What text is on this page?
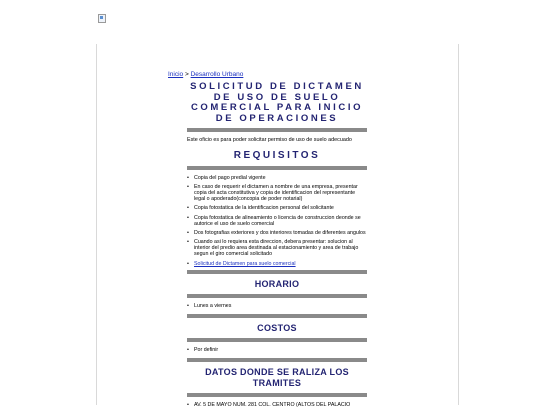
Inicio > Desarrollo Urbano
SOLICITUD DE DICTAMEN DE USO DE SUELO COMERCIAL PARA INICIO DE OPERACIONES
Este oficio es para poder solicitar permiso de uso de suelo adecuado
REQUISITOS
• Copia del pago predial vigente
• En caso de requerir el dictamen a nombre de una empresa, presentar copia del acta constitutiva y copia de identificacion del representante legal o apoderado(concopia de poder notarial)
• Copia fotostatica de la identificacion personal del solicitante
• Copia fotostatica de alineamiento o licencia de construccion deonde se autorice el uso de suelo comercial
• Dos fotografias exteriores y dos interiores tomadas de diferentes angulos
• Cuando asi lo requiera esta direccion, debera presentar: solucion al interior del predio area destinada al estacionamiento y area de trabajo segun el giro comercial solicitado
• Solicitud de Dictamen para suelo comercial
HORARIO
• Lunes a viernes
COSTOS
• Por definir
DATOS DONDE SE RALIZA LOS TRAMITES
• AV. 5 DE MAYO NUM. 281 COL. CENTRO (ALTOS DEL PALACIO
